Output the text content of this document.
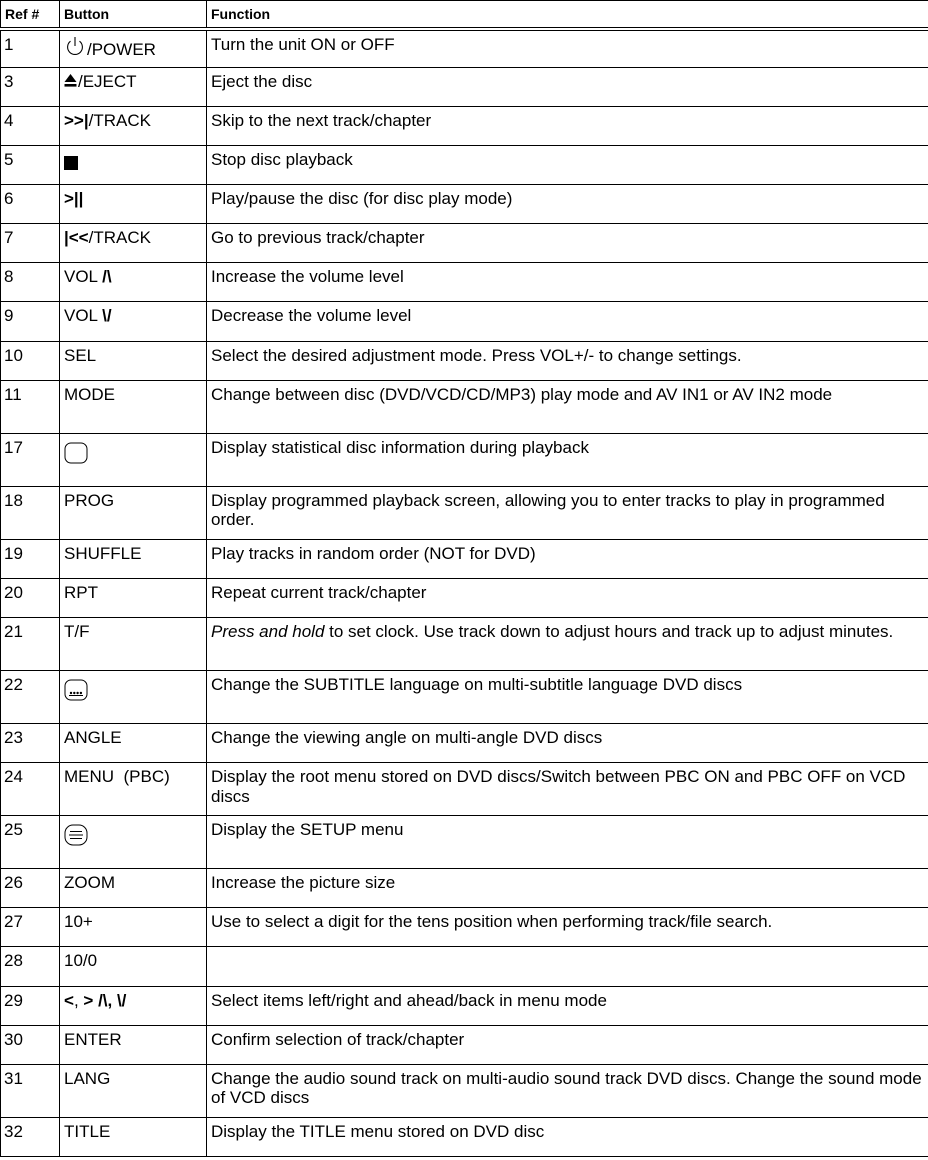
Ref #	Button	Function
1	/POWER	Turn the unit ON or OFF
3	/EJECT	Eject the disc
4	>>|/TRACK	Skip to the next track/chapter
5		Stop disc playback
6	>||	Play/pause the disc (for disc play mode)
7	|<</TRACK	Go to previous track/chapter
8	VOL /\	Increase the volume level
9	VOL \/	Decrease the volume level
10	SEL	Select the desired adjustment mode. Press VOL+/- to change settings.
11	MODE	Change between disc (DVD/VCD/CD/MP3) play mode and AV IN1 or AV IN2 mode
17		Display statistical disc information during playback
18	PROG	Display programmed playback screen, allowing you to enter tracks to play in programmed order.
19	SHUFFLE	Play tracks in random order (NOT for DVD)
20	RPT	Repeat current track/chapter
21	T/F	Press and hold to set clock. Use track down to adjust hours and track up to adjust minutes.
22		Change the SUBTITLE language on multi-subtitle language DVD discs
23	ANGLE	Change the viewing angle on multi-angle DVD discs
24	MENU  (PBC)	Display the root menu stored on DVD discs/Switch between PBC ON and PBC OFF on VCD discs
25		Display the SETUP menu
26	ZOOM	Increase the picture size
27	10+	Use to select a digit for the tens position when performing track/file search.
28	10/0	
29	<, > /\, \/	Select items left/right and ahead/back in menu mode
30	ENTER	Confirm selection of track/chapter
31	LANG	Change the audio sound track on multi-audio sound track DVD discs. Change the sound mode of VCD discs
32	TITLE	Display the TITLE menu stored on DVD disc
